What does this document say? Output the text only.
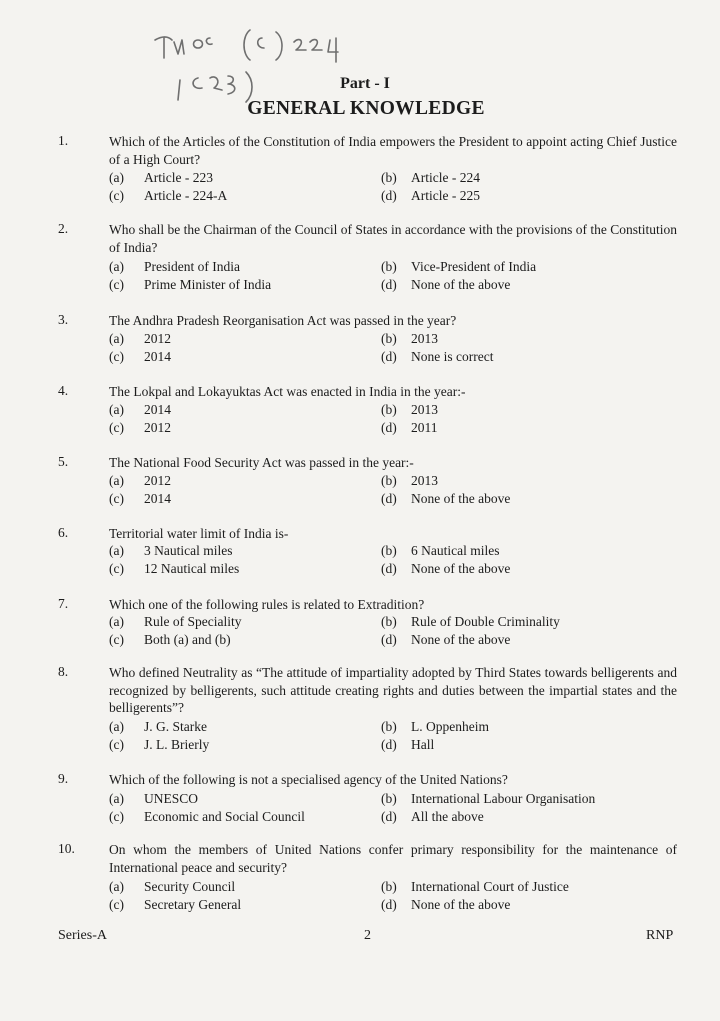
Part - I
GENERAL KNOWLEDGE
1.	Which of the Articles of the Constitution of India empowers the President to appoint acting Chief Justice of a High Court?
(a) Article - 223	(b) Article - 224
(c) Article - 224-A	(d) Article - 225
2.	Who shall be the Chairman of the Council of States in accordance with the provisions of the Constitution of India?
(a) President of India	(b) Vice-President of India
(c) Prime Minister of India	(d) None of the above
3.	The Andhra Pradesh Reorganisation Act was passed in the year?
(a) 2012	(b) 2013
(c) 2014	(d) None is correct
4.	The Lokpal and Lokayuktas Act was enacted in India in the year:-
(a) 2014	(b) 2013
(c) 2012	(d) 2011
5.	The National Food Security Act was passed in the year:-
(a) 2012	(b) 2013
(c) 2014	(d) None of the above
6.	Territorial water limit of India is-
(a) 3 Nautical miles	(b) 6 Nautical miles
(c) 12 Nautical miles	(d) None of the above
7.	Which one of the following rules is related to Extradition?
(a) Rule of Speciality	(b) Rule of Double Criminality
(c) Both (a) and (b)	(d) None of the above
8.	Who defined Neutrality as “The attitude of impartiality adopted by Third States towards belligerents and recognized by belligerents, such attitude creating rights and duties between the impartial states and the belligerents”?
(a) J. G. Starke	(b) L. Oppenheim
(c) J. L. Brierly	(d) Hall
9.	Which of the following is not a specialised agency of the United Nations?
(a) UNESCO	(b) International Labour Organisation
(c) Economic and Social Council	(d) All the above
10.	On whom the members of United Nations confer primary responsibility for the maintenance of International peace and security?
(a) Security Council	(b) International Court of Justice
(c) Secretary General	(d) None of the above
Series-A	2	RNP
